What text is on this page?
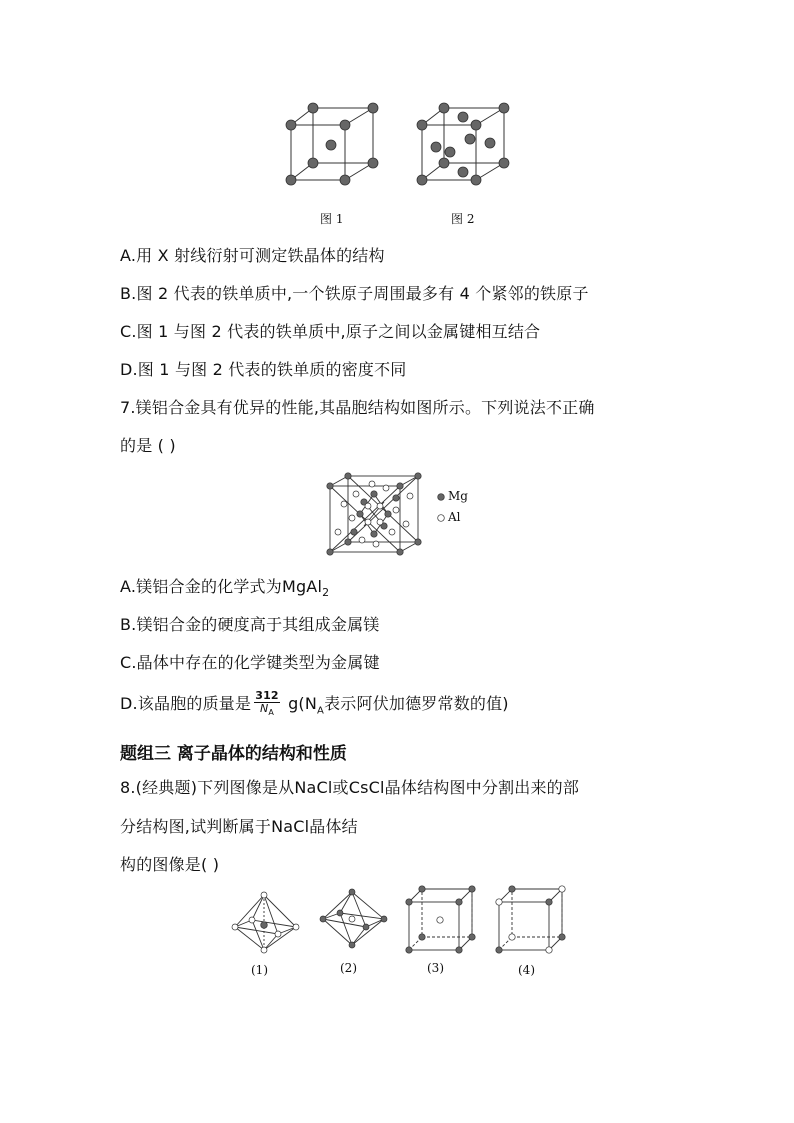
图 1	图 2
A.用 X 射线衍射可测定铁晶体的结构
B.图 2 代表的铁单质中,一个铁原子周围最多有 4 个紧邻的铁原子
C.图 1 与图 2 代表的铁单质中,原子之间以金属键相互结合
D.图 1 与图 2 代表的铁单质的密度不同
7.镁铝合金具有优异的性能,其晶胞结构如图所示。下列说法不正确
的是 ( )
Mg
Al
A.镁铝合金的化学式为MgAl$_2$
B.镁铝合金的硬度高于其组成金属镁
C.晶体中存在的化学键类型为金属键
D.该晶胞的质量是 $\frac{312}{N_A} g(N_A$表示阿伏加德罗常数的值)
题组三 离子晶体的结构和性质
8.(经典题)下列图像是从NaCl或CsCl晶体结构图中分割出来的部
分结构图,试判断属于NaCl晶体结
构的图像是( )
(1)	(2)	(3)	(4)
